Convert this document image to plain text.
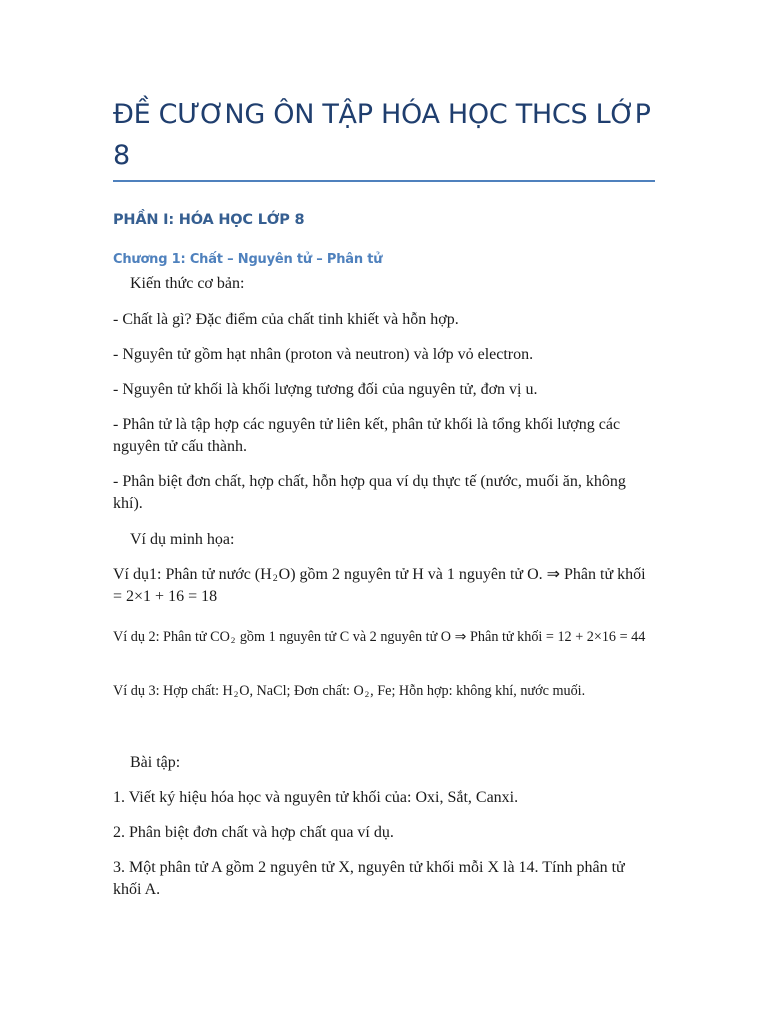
ĐỀ CƯƠNG ÔN TẬP HÓA HỌC THCS LỚP 8
PHẦN I: HÓA HỌC LỚP 8
Chương 1: Chất – Nguyên tử – Phân tử

Kiến thức cơ bản:

- Chất là gì? Đặc điểm của chất tinh khiết và hỗn hợp.

- Nguyên tử gồm hạt nhân (proton và neutron) và lớp vỏ electron.

- Nguyên tử khối là khối lượng tương đối của nguyên tử, đơn vị u.

- Phân tử là tập hợp các nguyên tử liên kết, phân tử khối là tổng khối lượng các nguyên tử cấu thành.

- Phân biệt đơn chất, hợp chất, hỗn hợp qua ví dụ thực tế (nước, muối ăn, không khí).

Ví dụ minh họa:

Ví dụ1: Phân tử nước $(H_2O)$ gồm 2 nguyên tử H và 1 nguyên tử O. ⇒ Phân tử khối = 2×1 + 16 = 18

Ví dụ 2: Phân tử $CO_2$ gồm 1 nguyên tử C và 2 nguyên tử O ⇒ Phân tử khối = 12 + 2×16 = 44

Ví dụ 3: Hợp chất: $H_2O$, NaCl; Đơn chất: $O_2$, Fe; Hỗn hợp: không khí, nước muối.

Bài tập:

1. Viết ký hiệu hóa học và nguyên tử khối của: Oxi, Sắt, Canxi.

2. Phân biệt đơn chất và hợp chất qua ví dụ.

3. Một phân tử A gồm 2 nguyên tử X, nguyên tử khối mỗi X là 14. Tính phân tử khối A.
